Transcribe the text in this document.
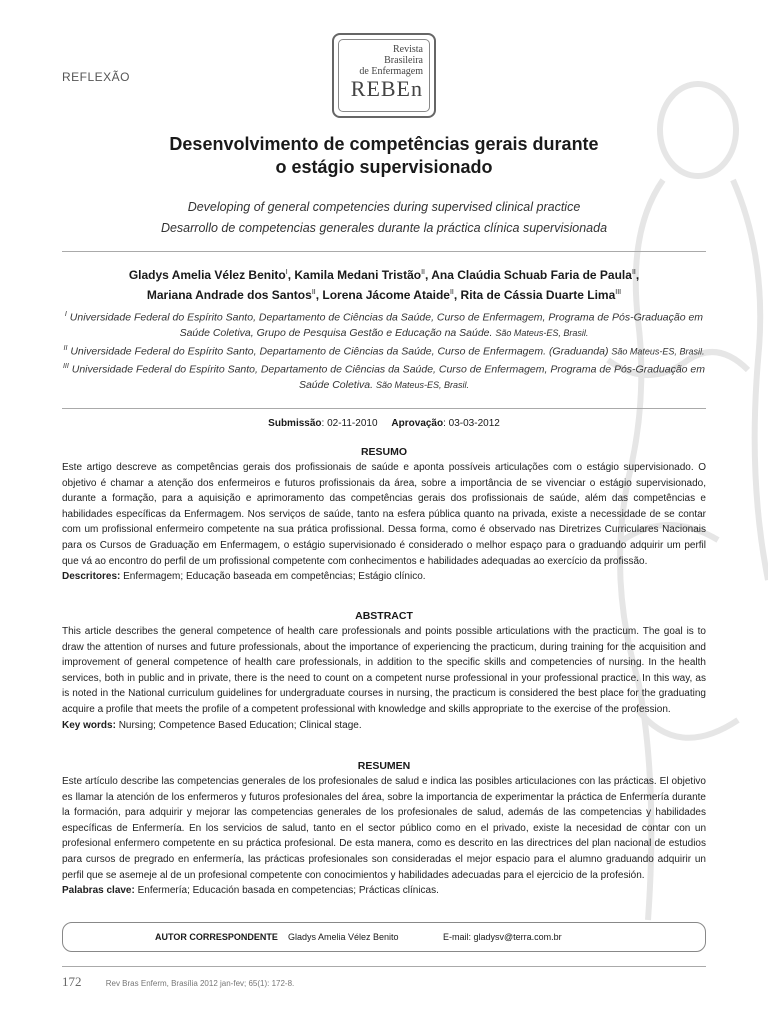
REFLEXÃO
Revista
Brasileira
de Enfermagem
REBEn
Desenvolvimento de competências gerais durante
o estágio supervisionado
Developing of general competencies during supervised clinical practice
Desarrollo de competencias generales durante la práctica clínica supervisionada
Gladys Amelia Vélez Benito$^I$, Kamila Medani Tristão$^{II}$, Ana Claúdia Schuab Faria de Paula$^{II}$,
Mariana Andrade dos Santos$^{II}$, Lorena Jácome Ataide$^{II}$, Rita de Cássia Duarte Lima$^{III}$
$^I$ Universidade Federal do Espírito Santo, Departamento de Ciências da Saúde, Curso de Enfermagem, Programa de Pós-Graduação em Saúde Coletiva, Grupo de Pesquisa Gestão e Educação na Saúde. São Mateus-ES, Brasil.
$^{II}$ Universidade Federal do Espírito Santo, Departamento de Ciências da Saúde, Curso de Enfermagem. (Graduanda) São Mateus-ES, Brasil.
$^{III}$ Universidade Federal do Espírito Santo, Departamento de Ciências da Saúde, Curso de Enfermagem, Programa de Pós-Graduação em Saúde Coletiva. São Mateus-ES, Brasil.
Submissão: 02-11-2010 Aprovação: 03-03-2012
RESUMO

Este artigo descreve as competências gerais dos profissionais de saúde e aponta possíveis articulações com o estágio supervisionado. O objetivo é chamar a atenção dos enfermeiros e futuros profissionais da área, sobre a importância de se vivenciar o estágio supervisionado, durante a formação, para a aquisição e aprimoramento das competências gerais dos profissionais de saúde, além das competências e habilidades específicas da Enfermagem. Nos serviços de saúde, tanto na esfera pública quanto na privada, existe a necessidade de se contar com um profissional enfermeiro competente na sua prática profissional. Dessa forma, como é observado nas Diretrizes Curriculares Nacionais para os Cursos de Graduação em Enfermagem, o estágio supervisionado é considerado o melhor espaço para o graduando adquirir um perfil que vá ao encontro do perfil de um profissional competente com conhecimentos e habilidades adequadas ao exercício da profissão.

Descritores: Enfermagem; Educação baseada em competências; Estágio clínico.

ABSTRACT

This article describes the general competence of health care professionals and points possible articulations with the practicum. The goal is to draw the attention of nurses and future professionals, about the importance of experiencing the practicum, during training for the acquisition and improvement of general competence of health care professionals, in addition to the specific skills and competencies of nursing. In the health services, both in public and in private, there is the need to count on a competent nurse professional in your professional practice. In this way, as is noted in the National curriculum guidelines for undergraduate courses in nursing, the practicum is considered the best place for the graduating acquire a profile that meets the profile of a competent professional with knowledge and skills appropriate to the exercise of the profession.

Key words: Nursing; Competence Based Education; Clinical stage.

RESUMEN

Este artículo describe las competencias generales de los profesionales de salud e indica las posibles articulaciones con las prácticas. El objetivo es llamar la atención de los enfermeros y futuros profesionales del área, sobre la importancia de experimentar la práctica de Enfermería durante la formación, para adquirir y mejorar las competencias generales de los profesionales de salud, además de las competencias y habilidades específicas de Enfermería. En los servicios de salud, tanto en el sector público como en el privado, existe la necesidad de contar con un profesional enfermero competente en su práctica profesional. De esta manera, como es descrito en las directrices del plan nacional de estudios para cursos de pregrado en enfermería, las prácticas profesionales son consideradas el mejor espacio para el alumno graduando adquirir un perfil que se asemeje al de un profesional competente con conocimientos y habilidades adecuadas para el ejercicio de la profesión.

Palabras clave: Enfermería; Educación basada en competencias; Prácticas clínicas.

AUTOR CORRESPONDENTE Gladys Amelia Vélez Benito	E-mail: gladysv@terra.com.br
172	Rev Bras Enferm, Brasília 2012 jan-fev; 65(1): 172-8.
